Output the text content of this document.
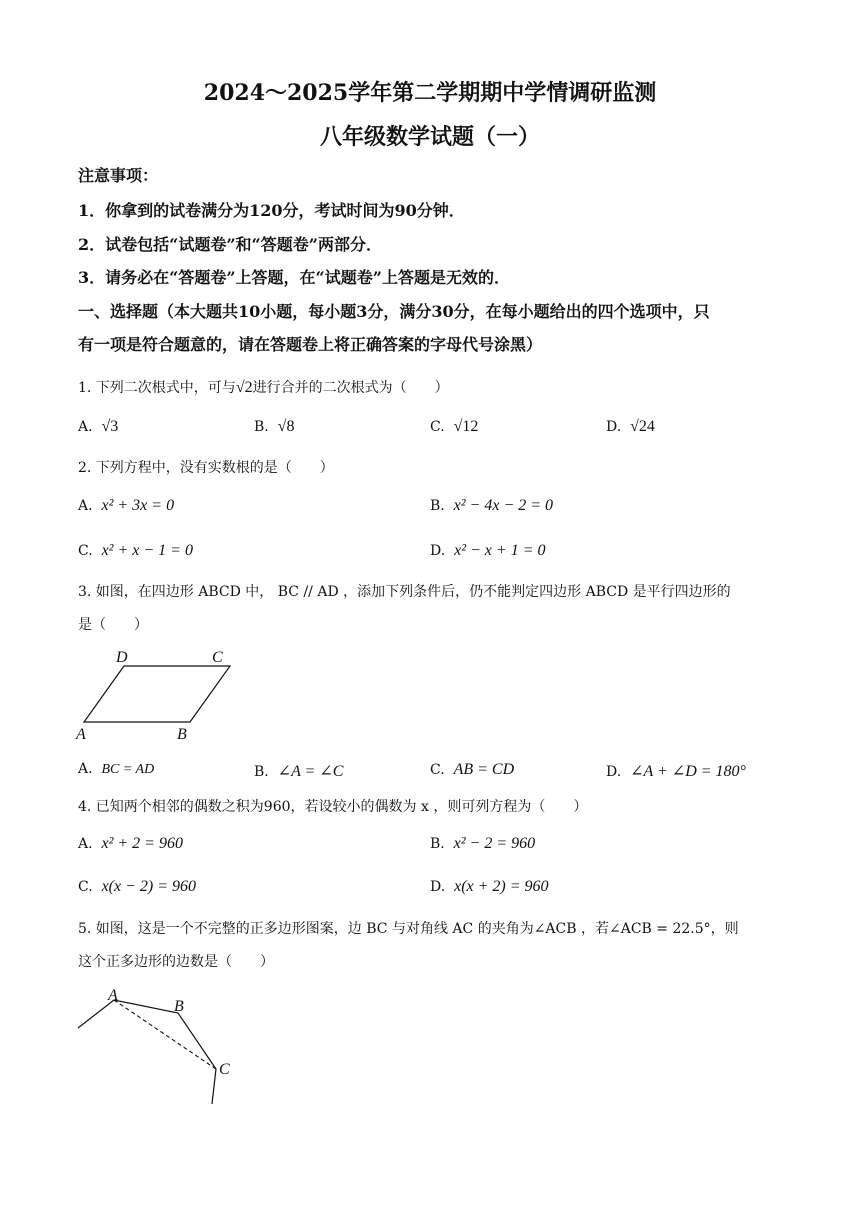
2024～2025学年第二学期期中学情调研监测
八年级数学试题（一）
注意事项：
1．你拿到的试卷满分为120分，考试时间为90分钟．
2．试卷包括“试题卷”和“答题卷”两部分．
3．请务必在“答题卷”上答题，在“试题卷”上答题是无效的．
一、选择题（本大题共10小题，每小题3分，满分30分，在每小题给出的四个选项中，只
有一项是符合题意的，请在答题卷上将正确答案的字母代号涂黑）
1. 下列二次根式中，可与√2进行合并的二次根式为（　　）
A. √3	B. √8	C. √12	D. √24
2. 下列方程中，没有实数根的是（　　）
A. x² + 3x = 0	B. x² − 4x − 2 = 0
C. x² + x − 1 = 0	D. x² − x + 1 = 0
3. 如图，在四边形 ABCD 中， BC // AD ，添加下列条件后，仍不能判定四边形 ABCD 是平行四边形的
是（　　）
A	B
C
D
A. BC = AD	B. ∠A = ∠C	C. AB = CD	D. ∠A + ∠D = 180°
4. 已知两个相邻的偶数之积为960，若设较小的偶数为 x ，则可列方程为（　　）
A. x² + 2 = 960	B. x² − 2 = 960
C. x(x − 2) = 960	D. x(x + 2) = 960
5. 如图，这是一个不完整的正多边形图案，边 BC 与对角线 AC 的夹角为∠ACB ，若∠ACB = 22.5°，则
这个正多边形的边数是（　　）
A
B
C
